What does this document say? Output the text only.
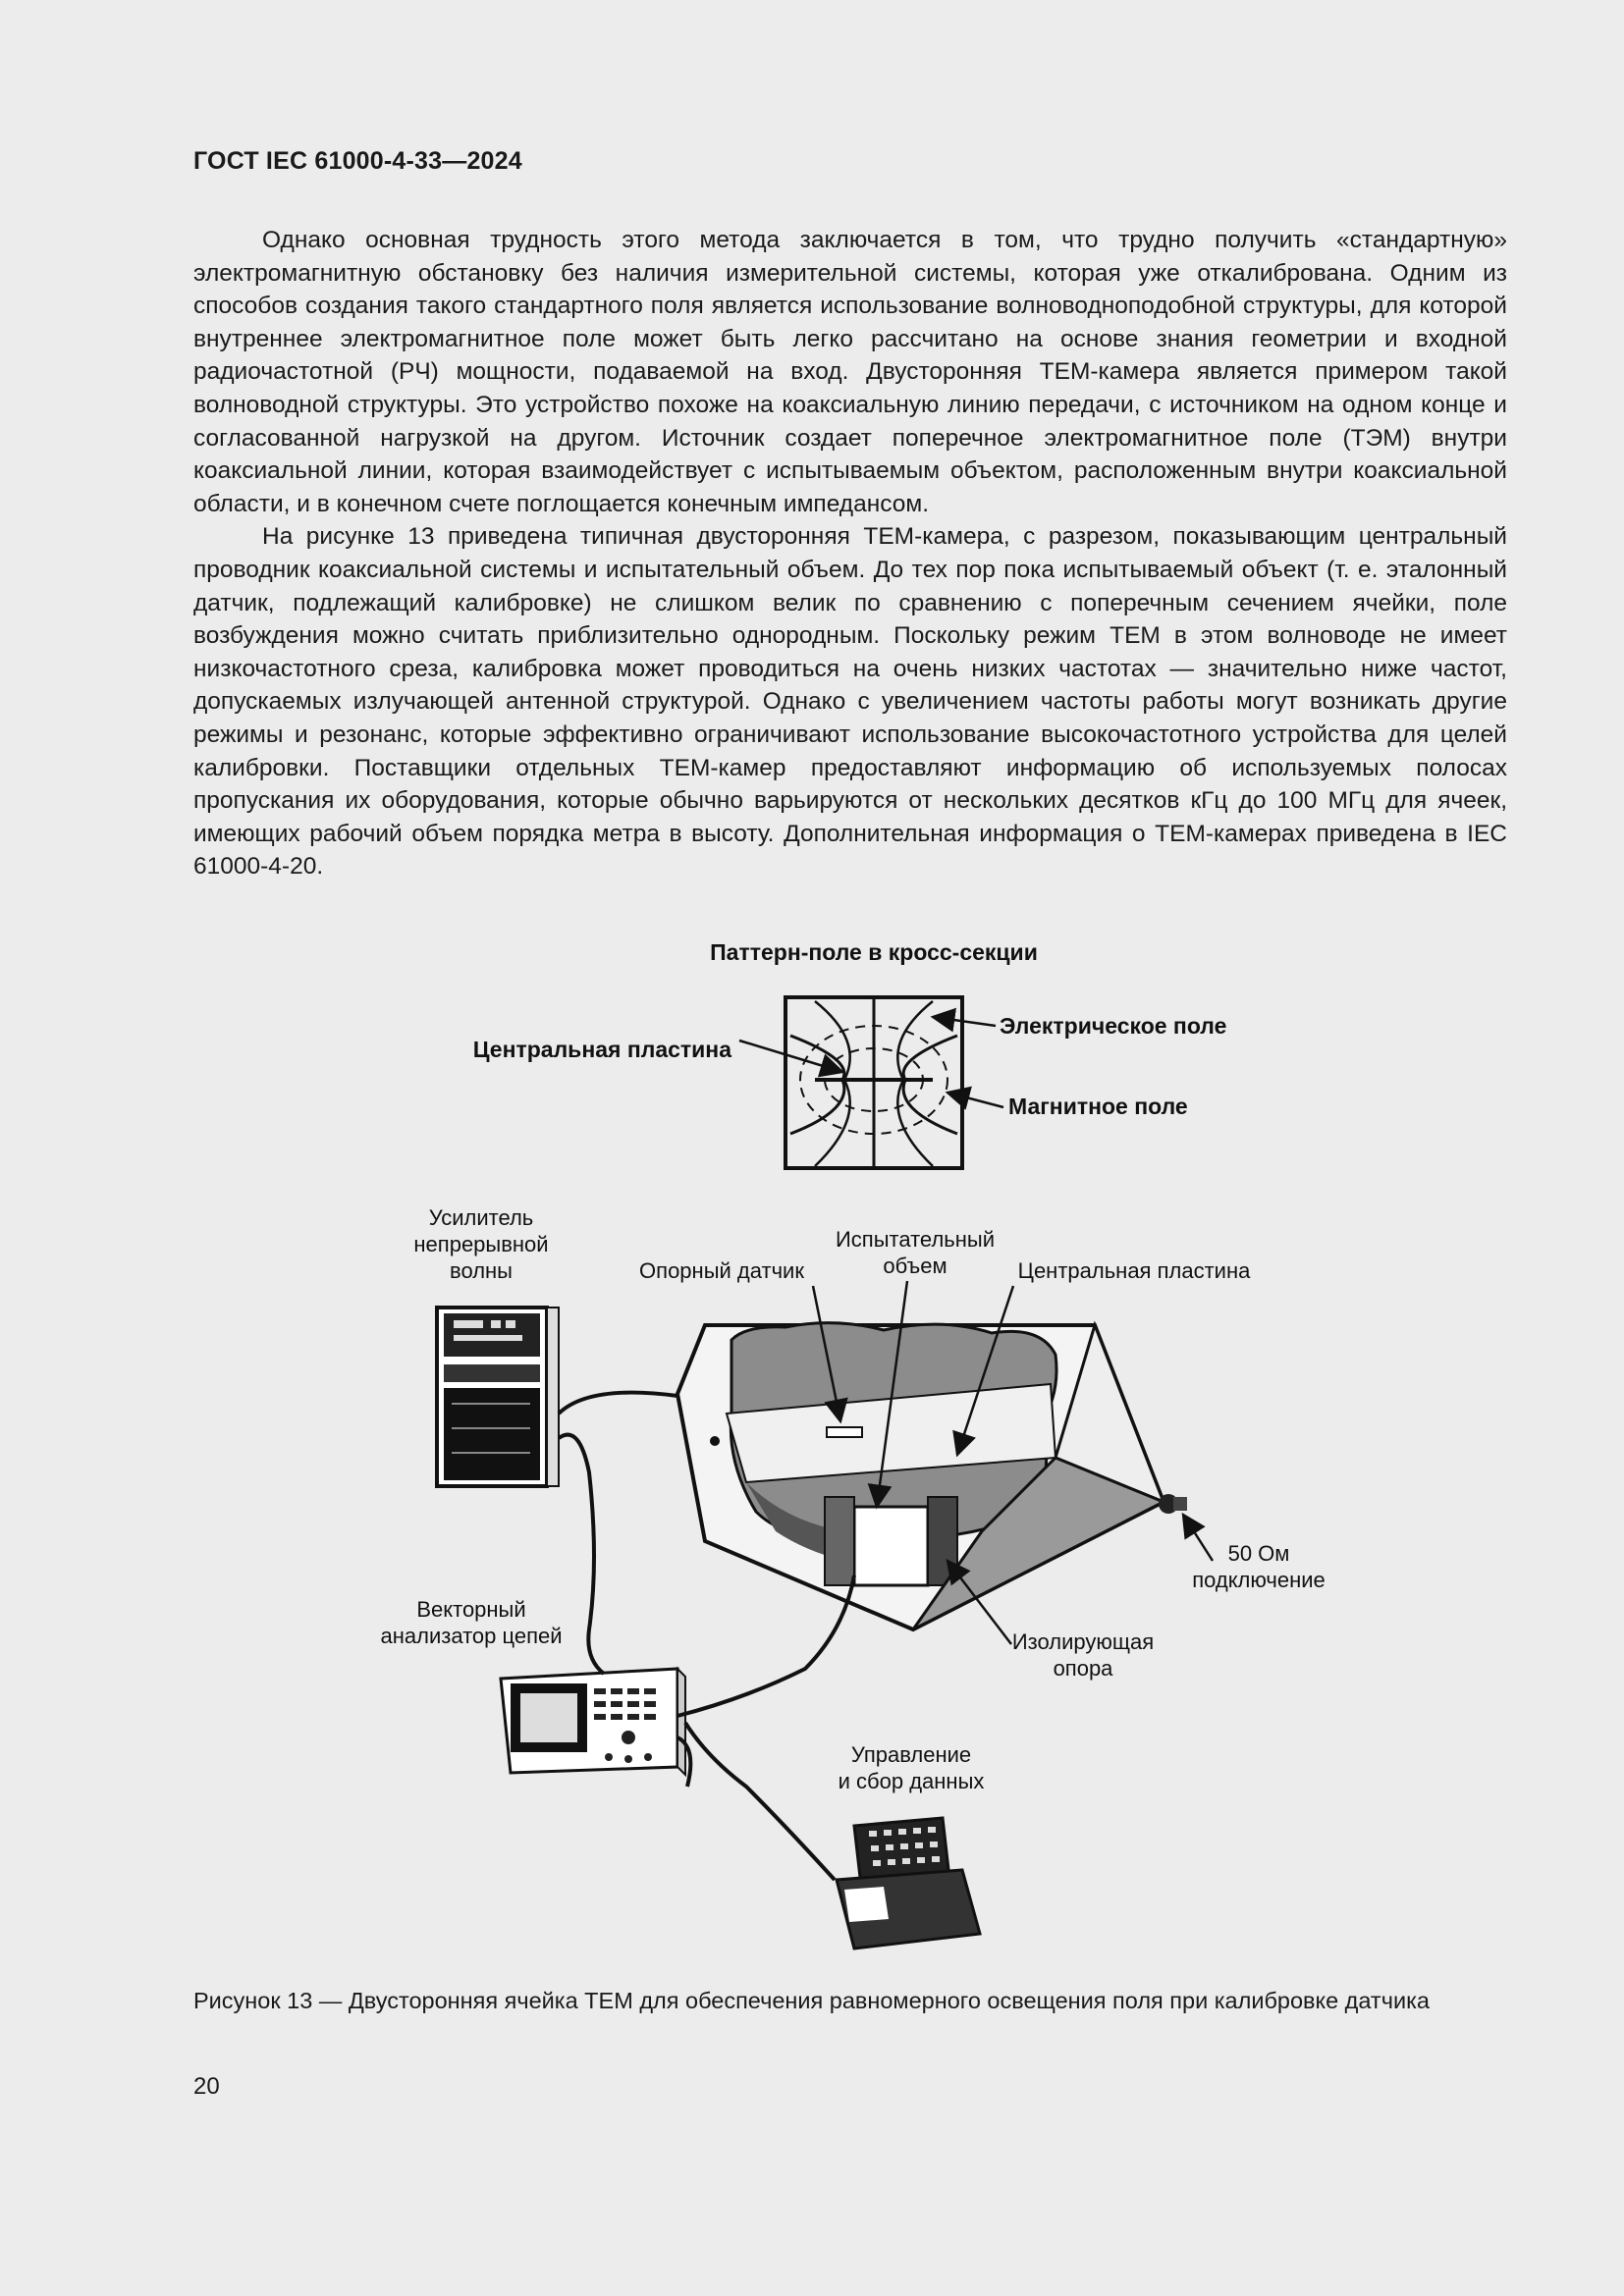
ГОСТ IEC 61000-4-33—2024

Однако основная трудность этого метода заключается в том, что трудно получить «стандартную» электромагнитную обстановку без наличия измерительной системы, которая уже откалибрована. Одним из способов создания такого стандартного поля является использование волноводноподобной структуры, для которой внутреннее электромагнитное поле может быть легко рассчитано на основе знания геометрии и входной радиочастотной (РЧ) мощности, подаваемой на вход. Двусторонняя ТЕМ-камера является примером такой волноводной структуры. Это устройство похоже на коаксиальную линию передачи, с источником на одном конце и согласованной нагрузкой на другом. Источник создает поперечное электромагнитное поле (ТЭМ) внутри коаксиальной линии, которая взаимодействует с испытываемым объектом, расположенным внутри коаксиальной области, и в конечном счете поглощается конечным импедансом.

На рисунке 13 приведена типичная двусторонняя ТЕМ-камера, с разрезом, показывающим центральный проводник коаксиальной системы и испытательный объем. До тех пор пока испытываемый объект (т. е. эталонный датчик, подлежащий калибровке) не слишком велик по сравнению с поперечным сечением ячейки, поле возбуждения можно считать приблизительно однородным. Поскольку режим ТЕМ в этом волноводе не имеет низкочастотного среза, калибровка может проводиться на очень низких частотах — значительно ниже частот, допускаемых излучающей антенной структурой. Однако с увеличением частоты работы могут возникать другие режимы и резонанс, которые эффективно ограничивают использование высокочастотного устройства для целей калибровки. Поставщики отдельных ТЕМ-камер предоставляют информацию об используемых полосах пропускания их оборудования, которые обычно варьируются от нескольких десятков кГц до 100 МГц для ячеек, имеющих рабочий объем порядка метра в высоту. Дополнительная информация о ТЕМ-камерах приведена в IEC 61000-4-20.

Паттерн-поле в кросс-секции
Центральная пластина
Электрическое поле
Магнитное поле
Усилитель
непрерывной
волны	Опорный датчик
Испытательный
объем	Центральная пластина
50 Ом
подключение
Изолирующая
опора
Векторный
анализатор цепей
Управление
и сбор данных
Рисунок 13 — Двусторонняя ячейка ТЕМ для обеспечения равномерного освещения поля при калибровке датчика
20
